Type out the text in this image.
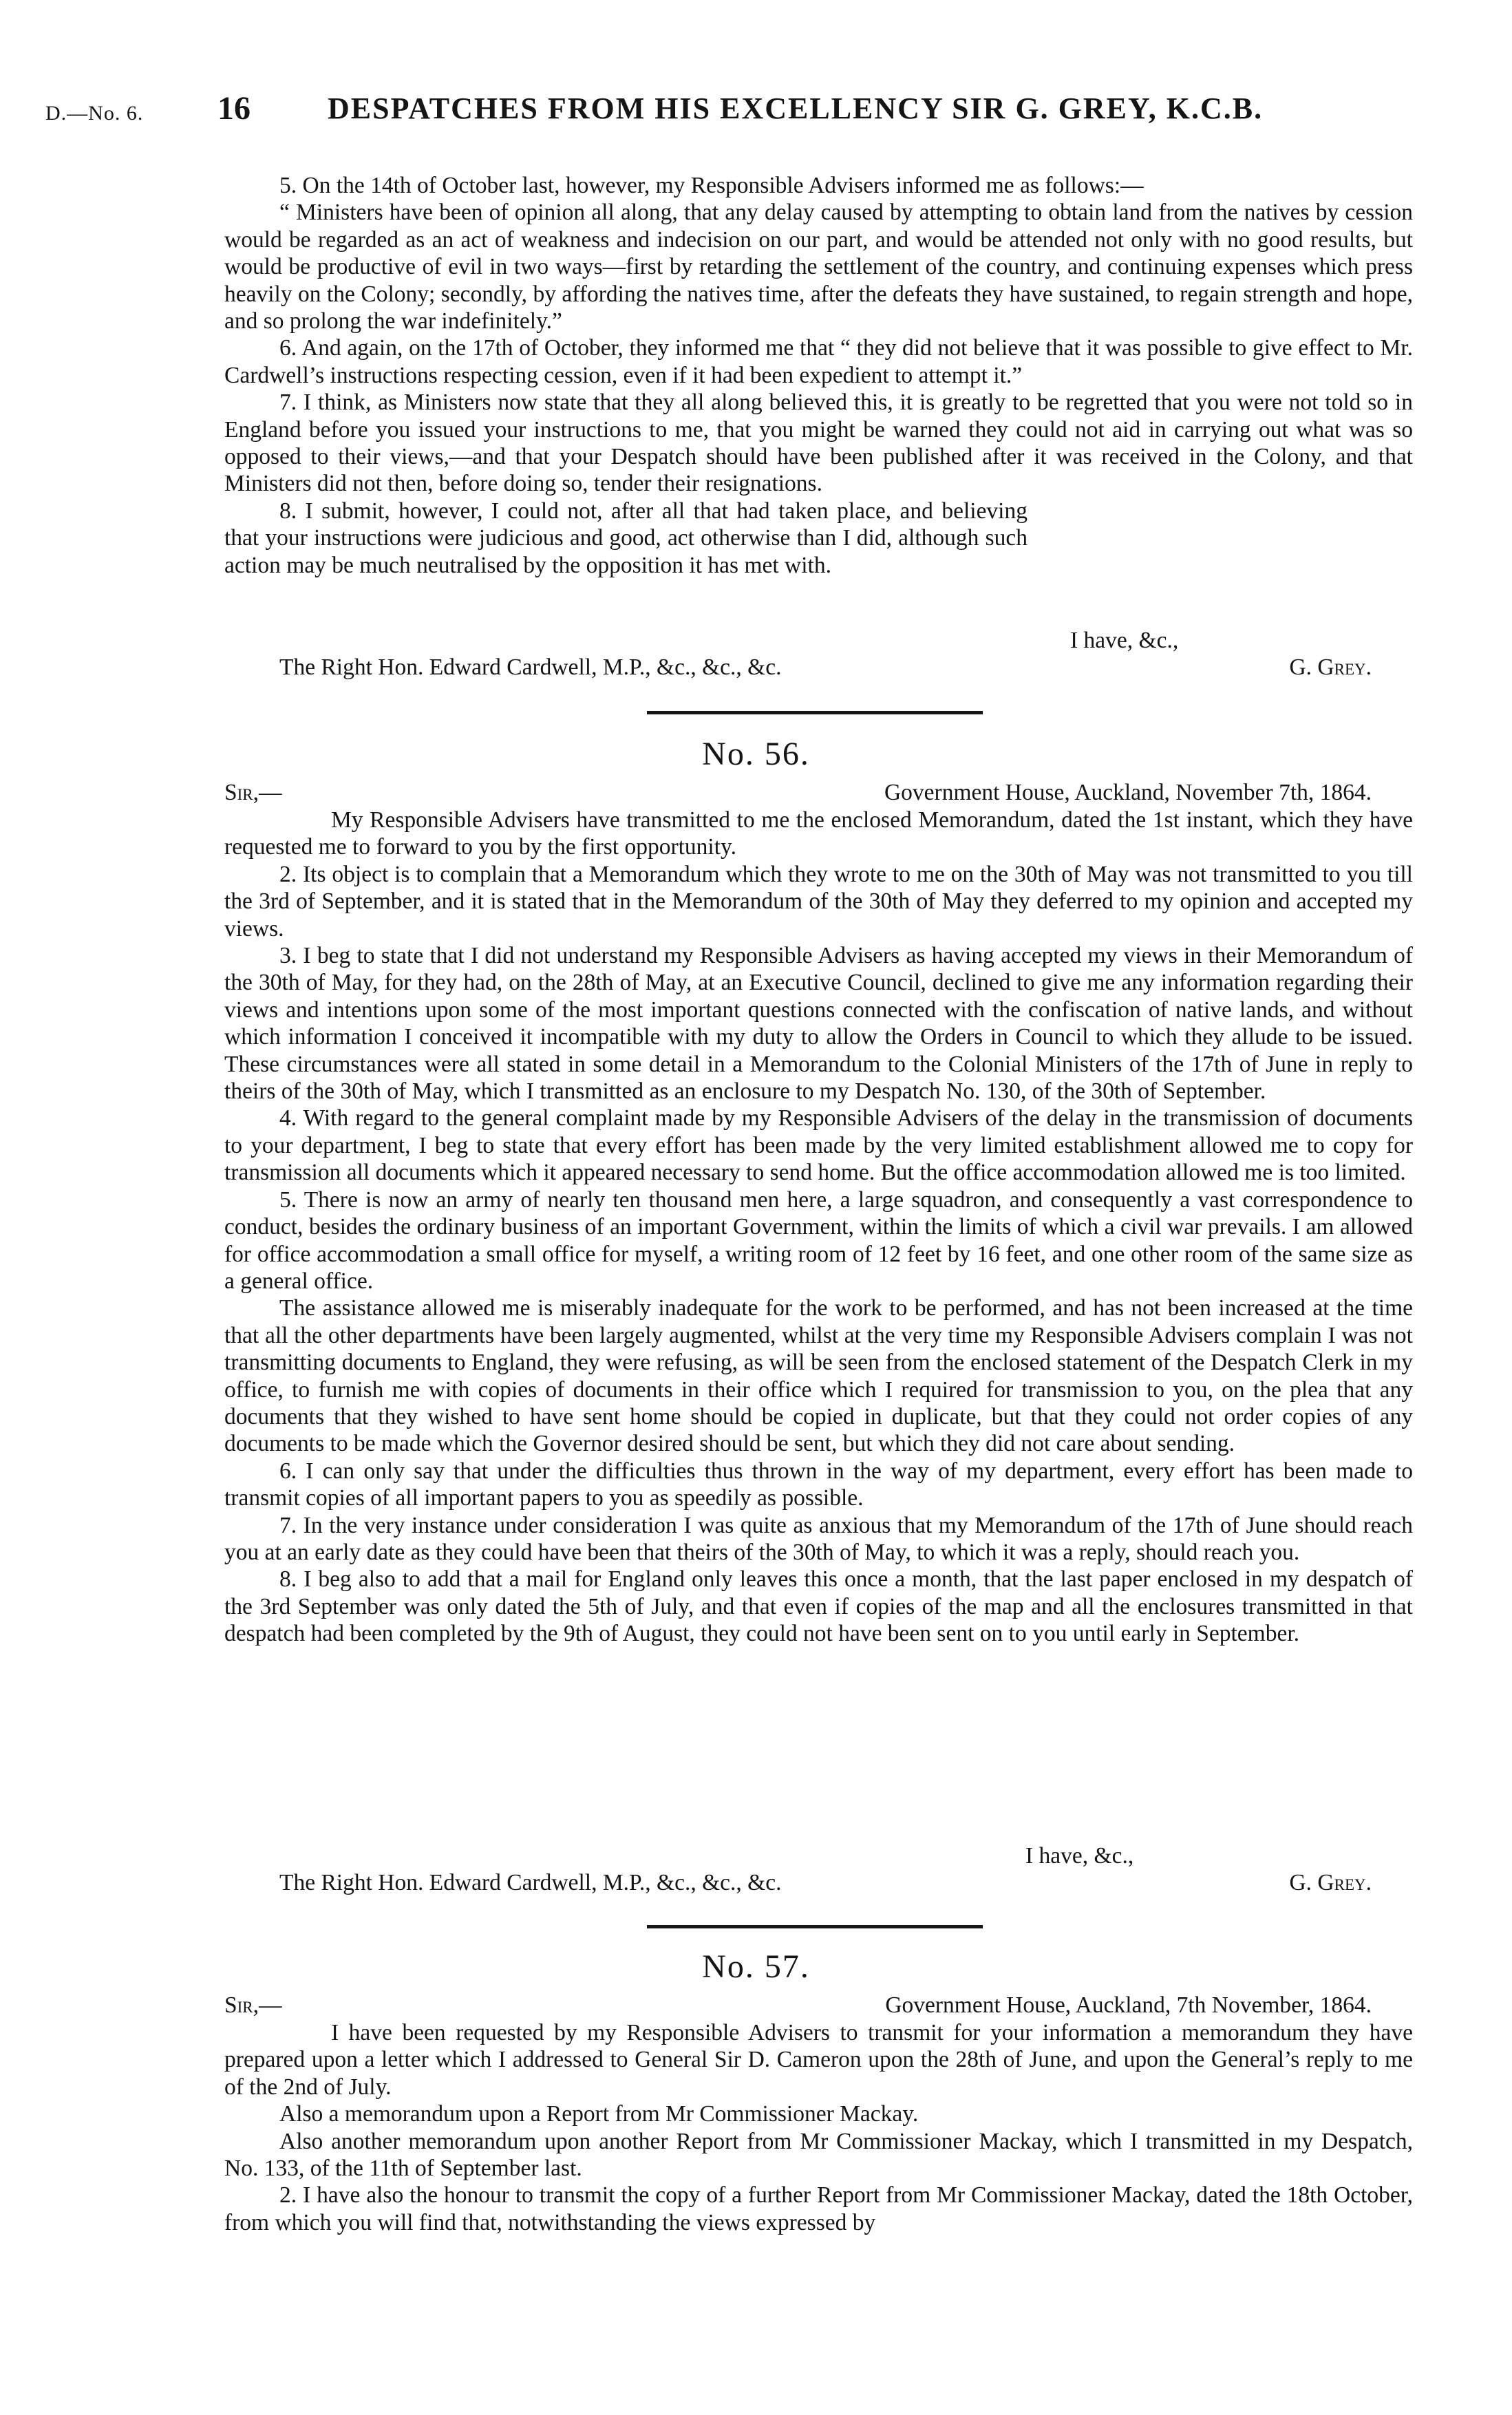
D.—No. 6. 16	DESPATCHES FROM HIS EXCELLENCY SIR G. GREY, K.C.B.

5. On the 14th of October last, however, my Responsible Advisers informed me as follows:—

“ Ministers have been of opinion all along, that any delay caused by attempting to obtain land from the natives by cession would be regarded as an act of weakness and indecision on our part, and would be attended not only with no good results, but would be productive of evil in two ways—first by retarding the settlement of the country, and continuing expenses which press heavily on the Colony; secondly, by affording the natives time, after the defeats they have sustained, to regain strength and hope, and so prolong the war indefinitely.”

6. And again, on the 17th of October, they informed me that “ they did not believe that it was possible to give effect to Mr. Cardwell’s instructions respecting cession, even if it had been expedient to attempt it.”

7. I think, as Ministers now state that they all along believed this, it is greatly to be regretted that you were not told so in England before you issued your instructions to me, that you might be warned they could not aid in carrying out what was so opposed to their views,—and that your Despatch should have been published after it was received in the Colony, and that Ministers did not then, before doing so, tender their resignations.

8. I submit, however, I could not, after all that had taken place, and believing that your instructions were judicious and good, act otherwise than I did, although such action may be much neutralised by the opposition it has met with.

I have, &c.,
The Right Hon. Edward Cardwell, M.P., &c., &c., &c.	G. Grey.
No. 56.
Sir,—	Government House, Auckland, November 7th, 1864.

My Responsible Advisers have transmitted to me the enclosed Memorandum, dated the 1st instant, which they have requested me to forward to you by the first opportunity.

2. Its object is to complain that a Memorandum which they wrote to me on the 30th of May was not transmitted to you till the 3rd of September, and it is stated that in the Memorandum of the 30th of May they deferred to my opinion and accepted my views.

3. I beg to state that I did not understand my Responsible Advisers as having accepted my views in their Memorandum of the 30th of May, for they had, on the 28th of May, at an Executive Council, declined to give me any information regarding their views and intentions upon some of the most important questions connected with the confiscation of native lands, and without which information I conceived it incompatible with my duty to allow the Orders in Council to which they allude to be issued. These circumstances were all stated in some detail in a Memorandum to the Colonial Ministers of the 17th of June in reply to theirs of the 30th of May, which I transmitted as an enclosure to my Despatch No. 130, of the 30th of September.

4. With regard to the general complaint made by my Responsible Advisers of the delay in the transmission of documents to your department, I beg to state that every effort has been made by the very limited establishment allowed me to copy for transmission all documents which it appeared necessary to send home. But the office accommodation allowed me is too limited.

5. There is now an army of nearly ten thousand men here, a large squadron, and consequently a vast correspondence to conduct, besides the ordinary business of an important Government, within the limits of which a civil war prevails. I am allowed for office accommodation a small office for myself, a writing room of 12 feet by 16 feet, and one other room of the same size as a general office.

The assistance allowed me is miserably inadequate for the work to be performed, and has not been increased at the time that all the other departments have been largely augmented, whilst at the very time my Responsible Advisers complain I was not transmitting documents to England, they were refusing, as will be seen from the enclosed statement of the Despatch Clerk in my office, to furnish me with copies of documents in their office which I required for transmission to you, on the plea that any documents that they wished to have sent home should be copied in duplicate, but that they could not order copies of any documents to be made which the Governor desired should be sent, but which they did not care about sending.

6. I can only say that under the difficulties thus thrown in the way of my department, every effort has been made to transmit copies of all important papers to you as speedily as possible.

7. In the very instance under consideration I was quite as anxious that my Memorandum of the 17th of June should reach you at an early date as they could have been that theirs of the 30th of May, to which it was a reply, should reach you.

8. I beg also to add that a mail for England only leaves this once a month, that the last paper enclosed in my despatch of the 3rd September was only dated the 5th of July, and that even if copies of the map and all the enclosures transmitted in that despatch had been completed by the 9th of August, they could not have been sent on to you until early in September.

I have, &c.,
The Right Hon. Edward Cardwell, M.P., &c., &c., &c.	G. Grey.
No. 57.
Sir,—	Government House, Auckland, 7th November, 1864.

I have been requested by my Responsible Advisers to transmit for your information a memorandum they have prepared upon a letter which I addressed to General Sir D. Cameron upon the 28th of June, and upon the General’s reply to me of the 2nd of July.

Also a memorandum upon a Report from Mr Commissioner Mackay.

Also another memorandum upon another Report from Mr Commissioner Mackay, which I transmitted in my Despatch, No. 133, of the 11th of September last.

2. I have also the honour to transmit the copy of a further Report from Mr Commissioner Mackay, dated the 18th October, from which you will find that, notwithstanding the views expressed by
